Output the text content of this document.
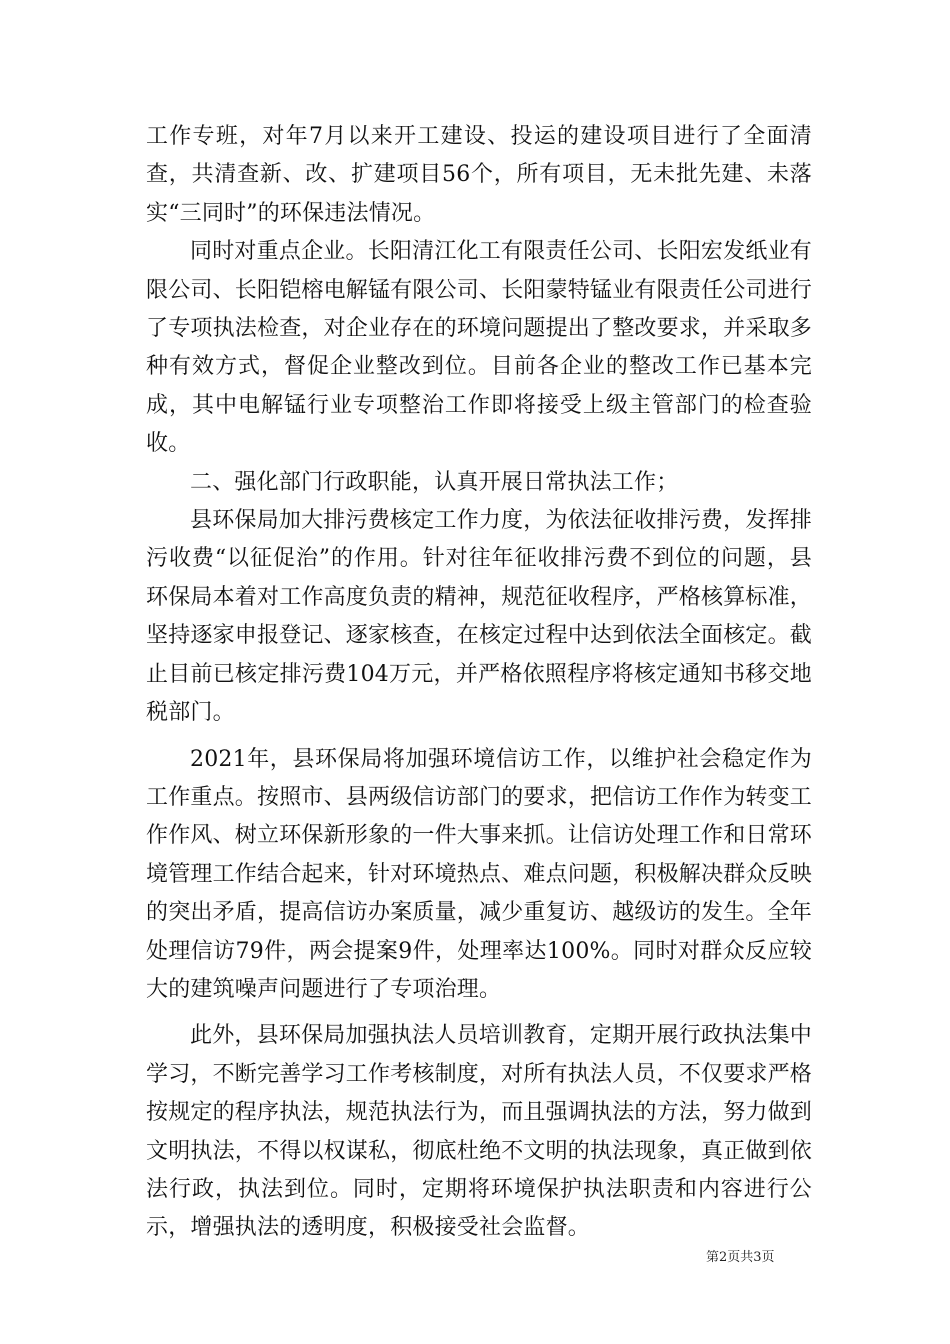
工作专班，对年7月以来开工建设、投运的建设项目进行了全面清查，共清查新、改、扩建项目56个，所有项目，无未批先建、未落实“三同时”的环保违法情况。

同时对重点企业。长阳清江化工有限责任公司、长阳宏发纸业有限公司、长阳铠榕电解锰有限公司、长阳蒙特锰业有限责任公司进行了专项执法检查，对企业存在的环境问题提出了整改要求，并采取多种有效方式，督促企业整改到位。目前各企业的整改工作已基本完成，其中电解锰行业专项整治工作即将接受上级主管部门的检查验收。

二、强化部门行政职能，认真开展日常执法工作；

县环保局加大排污费核定工作力度，为依法征收排污费，发挥排污收费“以征促治”的作用。针对往年征收排污费不到位的问题，县环保局本着对工作高度负责的精神，规范征收程序，严格核算标准，坚持逐家申报登记、逐家核查，在核定过程中达到依法全面核定。截止目前已核定排污费104万元，并严格依照程序将核定通知书移交地税部门。

2021年，县环保局将加强环境信访工作，以维护社会稳定作为工作重点。按照市、县两级信访部门的要求，把信访工作作为转变工作作风、树立环保新形象的一件大事来抓。让信访处理工作和日常环境管理工作结合起来，针对环境热点、难点问题，积极解决群众反映的突出矛盾，提高信访办案质量，减少重复访、越级访的发生。全年处理信访79件，两会提案9件，处理率达100%。同时对群众反应较大的建筑噪声问题进行了专项治理。

此外，县环保局加强执法人员培训教育，定期开展行政执法集中学习，不断完善学习工作考核制度，对所有执法人员，不仅要求严格按规定的程序执法，规范执法行为，而且强调执法的方法，努力做到文明执法，不得以权谋私，彻底杜绝不文明的执法现象，真正做到依法行政，执法到位。同时，定期将环境保护执法职责和内容进行公示，增强执法的透明度，积极接受社会监督。

第2页共3页
